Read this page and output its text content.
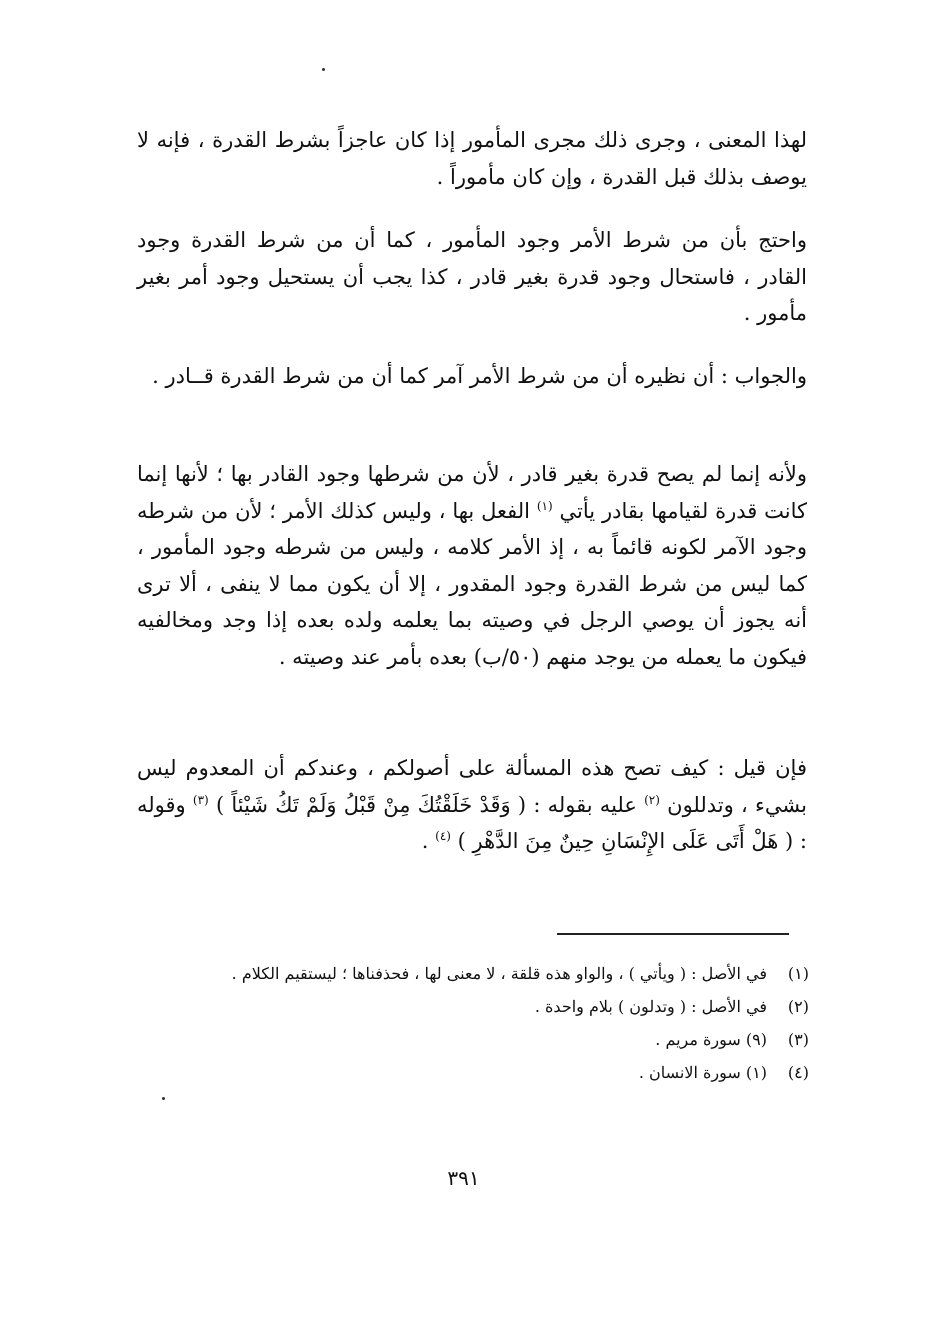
لهذا المعنى ، وجرى ذلك مجرى المأمور إذا كان عاجزاً بشرط القدرة ، فإنه لا يوصف بذلك قبل القدرة ، وإن كان مأموراً .

واحتج بأن من شرط الأمر وجود المأمور ، كما أن من شرط القدرة وجود القادر ، فاستحال وجود قدرة بغير قادر ، كذا يجب أن يستحيل وجود أمر بغير مأمور .

والجواب : أن نظيره أن من شرط الأمر آمر كما أن من شرط القدرة قــادر .

ولأنه إنما لم يصح قدرة بغير قادر ، لأن من شرطها وجود القادر بها ؛ لأنها إنما كانت قدرة لقيامها بقادر يأتي $^{(١)}$ الفعل بها ، وليس كذلك الأمر ؛ لأن من شرطه وجود الآمر لكونه قائماً به ، إذ الأمر كلامه ، وليس من شرطه وجود المأمور ، كما ليس من شرط القدرة وجود المقدور ، إلا أن يكون مما لا ينفى ، ألا ترى أنه يجوز أن يوصي الرجل في وصيته بما يعلمه ولده بعده إذا وجد ومخالفيه فيكون ما يعمله من يوجد منهم (٥٠/ب) بعده بأمر عند وصيته .

فإن قيل : كيف تصح هذه المسألة على أصولكم ، وعندكم أن المعدوم ليس بشيء ، وتدللون $^{(٢)}$ عليه بقوله : ( وَقَدْ خَلَقْتُكَ مِنْ قَبْلُ وَلَمْ تَكُ شَيْئاً ) $^{(٣)}$ وقوله : ( هَلْ أَتَى عَلَى الإِنْسَانِ حِينٌ مِنَ الدَّهْرِ ) $^{(٤)}$ .

(١)
في الأصل : ( ويأتي ) ، والواو هذه قلقة ، لا معنى لها ، فحذفناها ؛ ليستقيم الكلام .
(٢)
في الأصل : ( وتدلون ) بلام واحدة .
(٣)
(٩) سورة مريم .
(٤)
(١) سورة الانسان .
٣٩١
